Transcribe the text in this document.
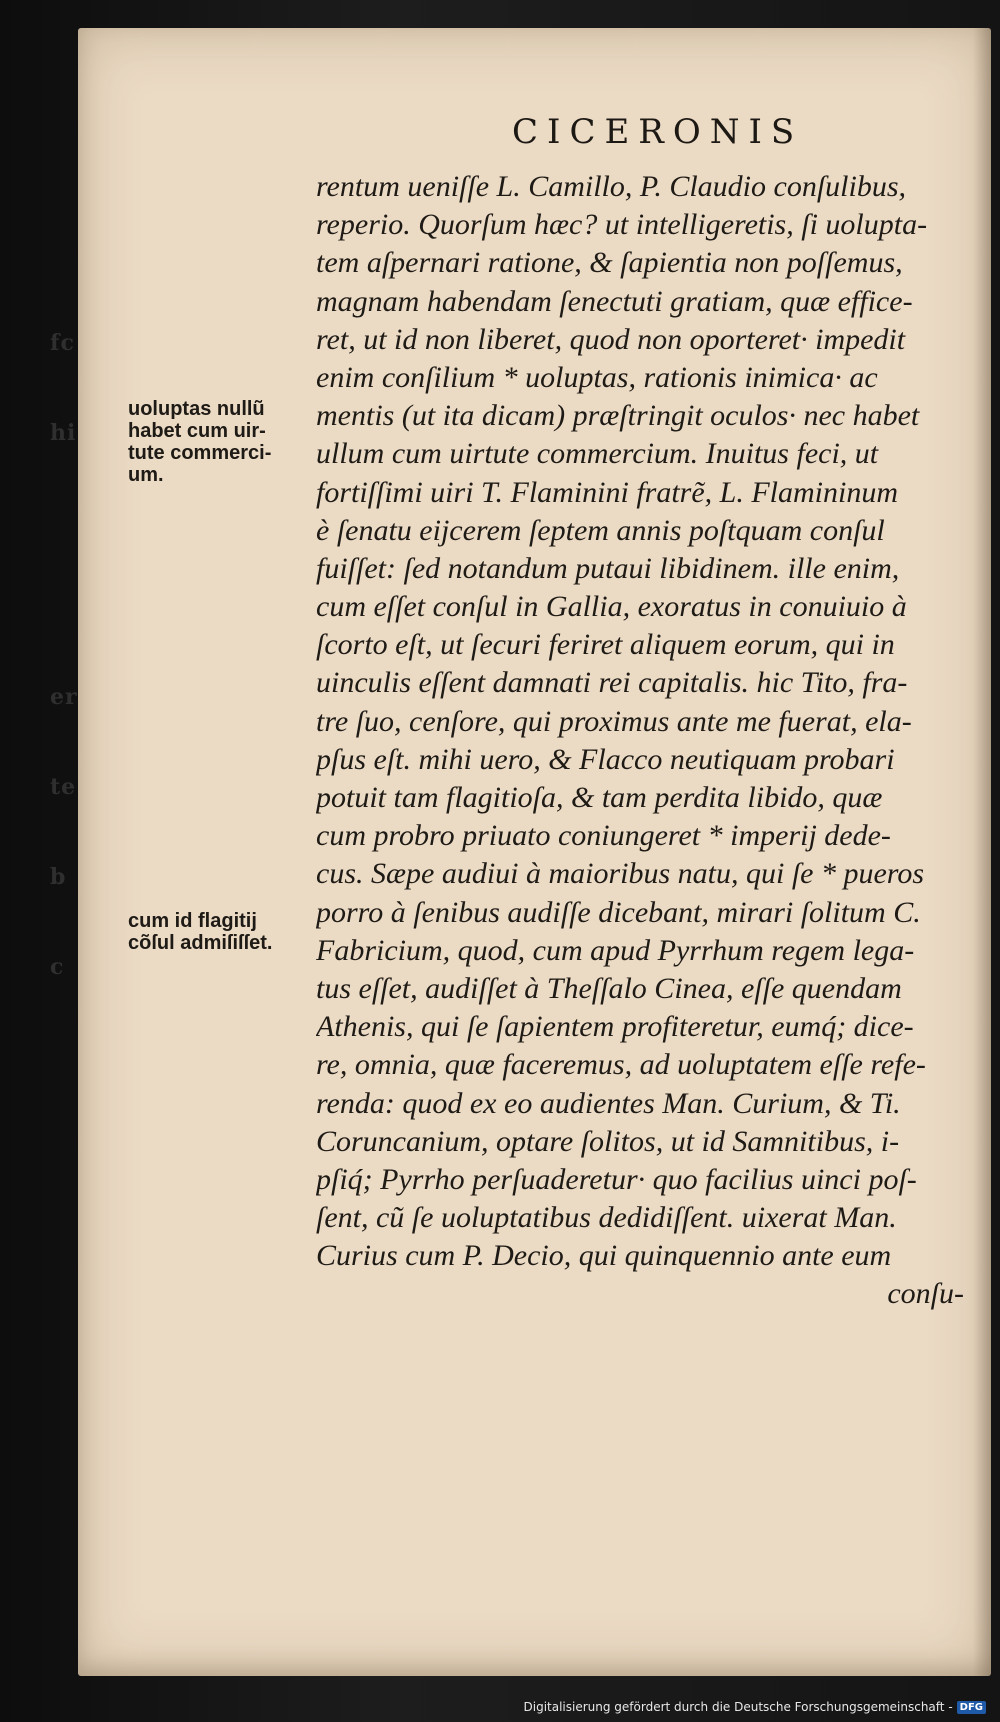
fc

hi

er

te

b

c

CICERONIS
uoluptas nullũ
habet cum uir-
tute commerci-
um.
cum id flagitij
cõſul admiſiſſet.
rentum ueniſſe L. Camillo, P. Claudio conſulibus,
reperio. Quorſum hæc? ut intelligeretis, ſi uolupta-
tem aſpernari ratione, & ſapientia non poſſemus,
magnam habendam ſenectuti gratiam, quæ effice-
ret, ut id non liberet, quod non oporteret· impedit
enim conſilium * uoluptas, rationis inimica· ac
mentis (ut ita dicam) præſtringit oculos· nec habet
ullum cum uirtute commercium. Inuitus feci, ut
fortiſſimi uiri T. Flaminini fratrẽ, L. Flamininum
è ſenatu eijcerem ſeptem annis poſtquam conſul
fuiſſet: ſed notandum putaui libidinem. ille enim,
cum eſſet conſul in Gallia, exoratus in conuiuio à
ſcorto eſt, ut ſecuri feriret aliquem eorum, qui in
uinculis eſſent damnati rei capitalis. hic Tito, fra-
tre ſuo, cenſore, qui proximus ante me fuerat, ela-
pſus eſt. mihi uero, & Flacco neutiquam probari
potuit tam flagitioſa, & tam perdita libido, quæ
cum probro priuato coniungeret * imperij dede-
cus. Sæpe audiui à maioribus natu, qui ſe * pueros
porro à ſenibus audiſſe dicebant, mirari ſolitum C.
Fabricium, quod, cum apud Pyrrhum regem lega-
tus eſſet, audiſſet à Theſſalo Cinea, eſſe quendam
Athenis, qui ſe ſapientem profiteretur, eumq́; dice-
re, omnia, quæ faceremus, ad uoluptatem eſſe refe-
renda: quod ex eo audientes Man. Curium, & Ti.
Coruncanium, optare ſolitos, ut id Samnitibus, i-
pſiq́; Pyrrho perſuaderetur· quo facilius uinci poſ-
ſent, cũ ſe uoluptatibus dedidiſſent. uixerat Man.
Curius cum P. Decio, qui quinquennio ante eum
conſu-
Digitalisierung gefördert durch die Deutsche Forschungsgemeinschaft - DFG
